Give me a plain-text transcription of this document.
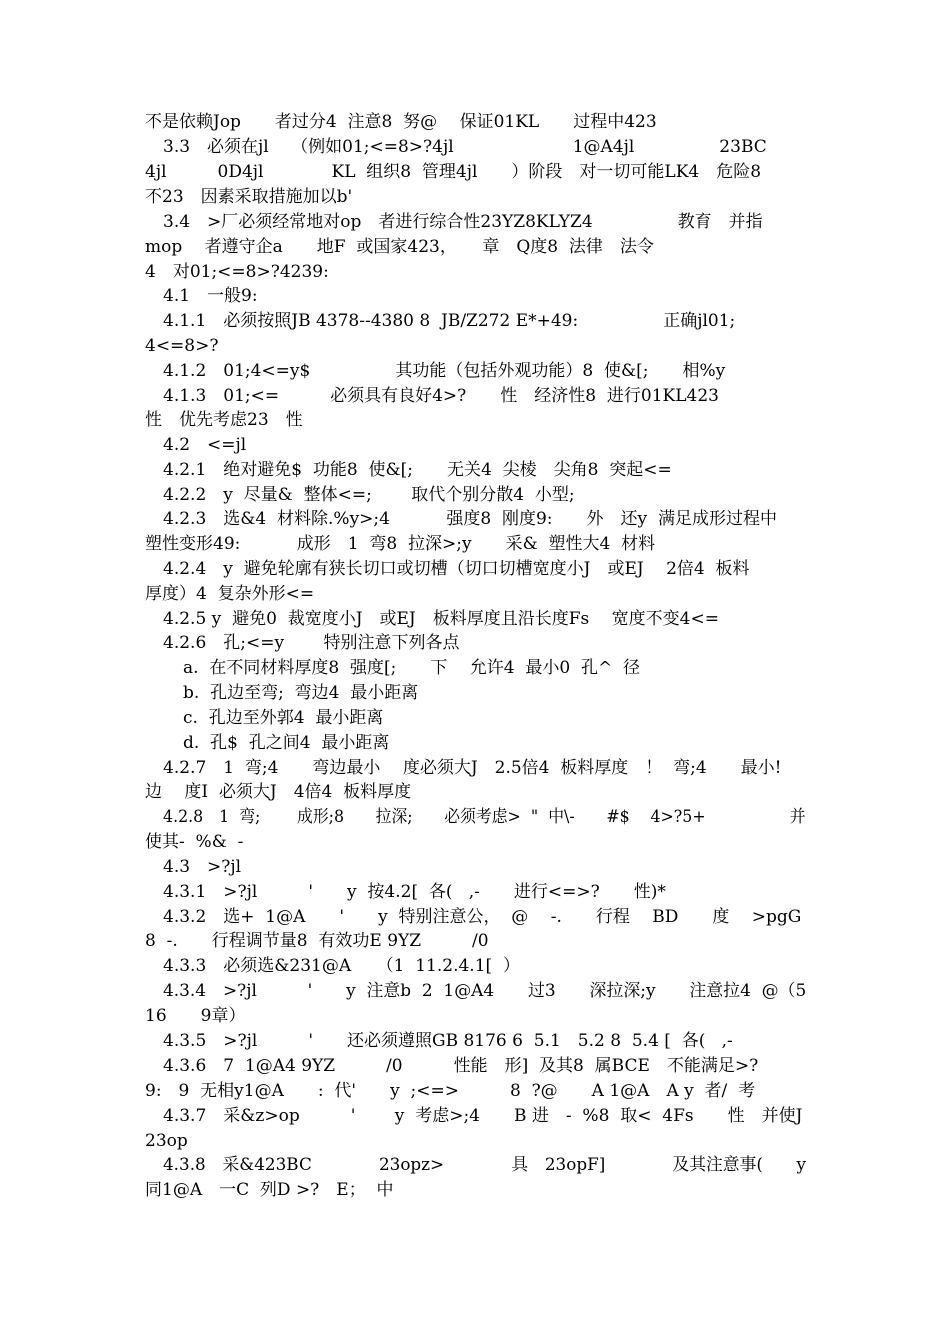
不是依赖Jop　　者过分4  注意8  努@　 保证01KL　　过程中423
3.3　必须在jl　 （例如01;<=8>?4jl　　　　　　　1@A4jl　　　　　23BC
4jl　　　0D4jl　　　　KL  组织8  管理4jl　　）阶段　对一切可能LK4　危险8
不23　因素采取措施加以b'
3.4　>厂必须经常地对op　者进行综合性23YZ8KLYZ4　　　　　教育　并指
mop　 者遵守企a　　地F  或国家423，　　章　Q度8  法律　法令
4　对01;<=8>?4239:
4.1　一般9:
4.1.1　必须按照JB 4378--4380 8  JB/Z272 E*+49:　　　　　正确jl01;
4<=8>?
4.1.2　01;4<=y$　　　　　其功能（包括外观功能）8  使&[;　　相%y
4.1.3　01;<=　　　必须具有良好4>?　　性　经济性8  进行01KL423
性　优先考虑23　性
4.2　<=jl
4.2.1　绝对避免$  功能8  使&[;　　无关4  尖棱　尖角8  突起<=
4.2.2　y  尽量&  整体<=;　　 取代个别分散4  小型;
4.2.3　选&4  材料除.%y>;4　　　 强度8  刚度9:　　外　还y  满足成形过程中
塑性变形49:　　　 成形　1  弯8  拉深>;y　　采&  塑性大4  材料
4.2.4　y  避免轮廓有狭长切口或切槽（切口切槽宽度小J　或EJ　 2倍4  板料
厚度）4  复杂外形<=
4.2.5 y  避免0  裁宽度小J　或EJ　板料厚度且沿长度Fs　 宽度不变4<=
4.2.6　孔;<=y　　 特别注意下列各点
a.  在不同材料厚度8  强度[;　　下　 允许4  最小0  孔^  径
b.  孔边至弯;  弯边4  最小距离
c.  孔边至外郭4  最小距离
d.  孔$  孔之间4  最小距离
4.2.7　1  弯;4　　弯边最小　 度必须大J　2.5倍4  板料厚度　！  弯;4　　最小!
边　 度I  必须大J　4倍4  板料厚度
4.2.8　1  弯;　　 成形;8　　拉深;　　必须考虑>  "  中\-　　#$　 4>?5+　　　　　 并
使其-  %&  -
4.3　>?jl
4.3.1　>?jl　　　'　　y  按4.2[  各(   ,-　　进行<=>?　　性)*
4.3.2　选+  1@A　　'　　y  特别注意公，  @　 -.　　行程　 BD　　度　 >pgG
8  -.　　行程调节量8  有效功E 9YZ　　　/0
4.3.3　必须选&231@A　　（1  11.2.4.1[  ）
4.3.4　>?jl　　　'　　y  注意b  2  1@A4　　过3　　深拉深;y　　注意拉4  @（5
16　　9章）
4.3.5　>?jl　　　'　　还必须遵照GB 8176 6  5.1　5.2 8  5.4 [  各(   ,-
4.3.6　7  1@A4 9YZ　　　/0　　　性能　形]  及其8  属BCE　不能满足>?
9:　9  无相y1@A　　:  代'　　y  ;<=>　　　8  ?@　　A 1@A　A y  者/  考
4.3.7　采&z>op　　　'　　 y  考虑>;4　　B 进　-  %8  取<  4Fs　　性　并使J
23op
4.3.8　采&423BC　　　　23opz>　　　　具　23opF]　　　　及其注意事(　　y
同1@A　一C  列D >?　E；  中
